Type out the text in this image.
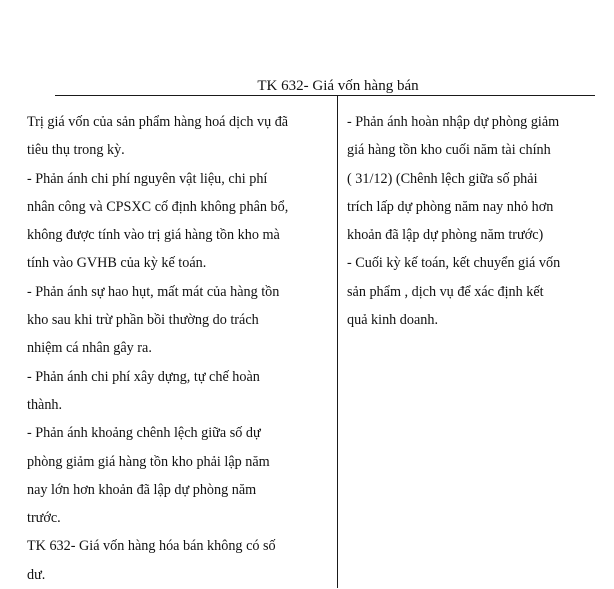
TK 632- Giá vốn hàng bán

Trị giá vốn của sản phẩm hàng hoá dịch vụ đã

tiêu thụ trong kỳ.

- Phản ánh chi phí nguyên vật liệu, chi phí

nhân công và CPSXC cố định không phân bổ,

không được tính vào trị giá hàng tồn kho mà

tính vào GVHB của kỳ kế toán.

- Phản ánh sự hao hụt, mất mát của hàng tồn

kho sau khi trừ phần bồi thường do trách

nhiệm cá nhân gây ra.

- Phản ánh chi phí xây dựng, tự chế hoàn

thành.

- Phản ánh khoảng chênh lệch giữa số dự

phòng giảm giá hàng tồn kho phải lập năm

nay lớn hơn khoản đã lập dự phòng năm

trước.

TK 632- Giá vốn hàng hóa bán không có số

dư.

- Phản ánh hoàn nhập dự phòng giảm

giá hàng tồn kho cuối năm tài chính

( 31/12) (Chênh lệch giữa số phải

trích lấp dự phòng năm nay nhỏ hơn

khoản đã lập dự phòng năm trước)

- Cuối kỳ kế toán, kết chuyển giá vốn

sản phẩm , dịch vụ để xác định kết

quả kinh doanh.
